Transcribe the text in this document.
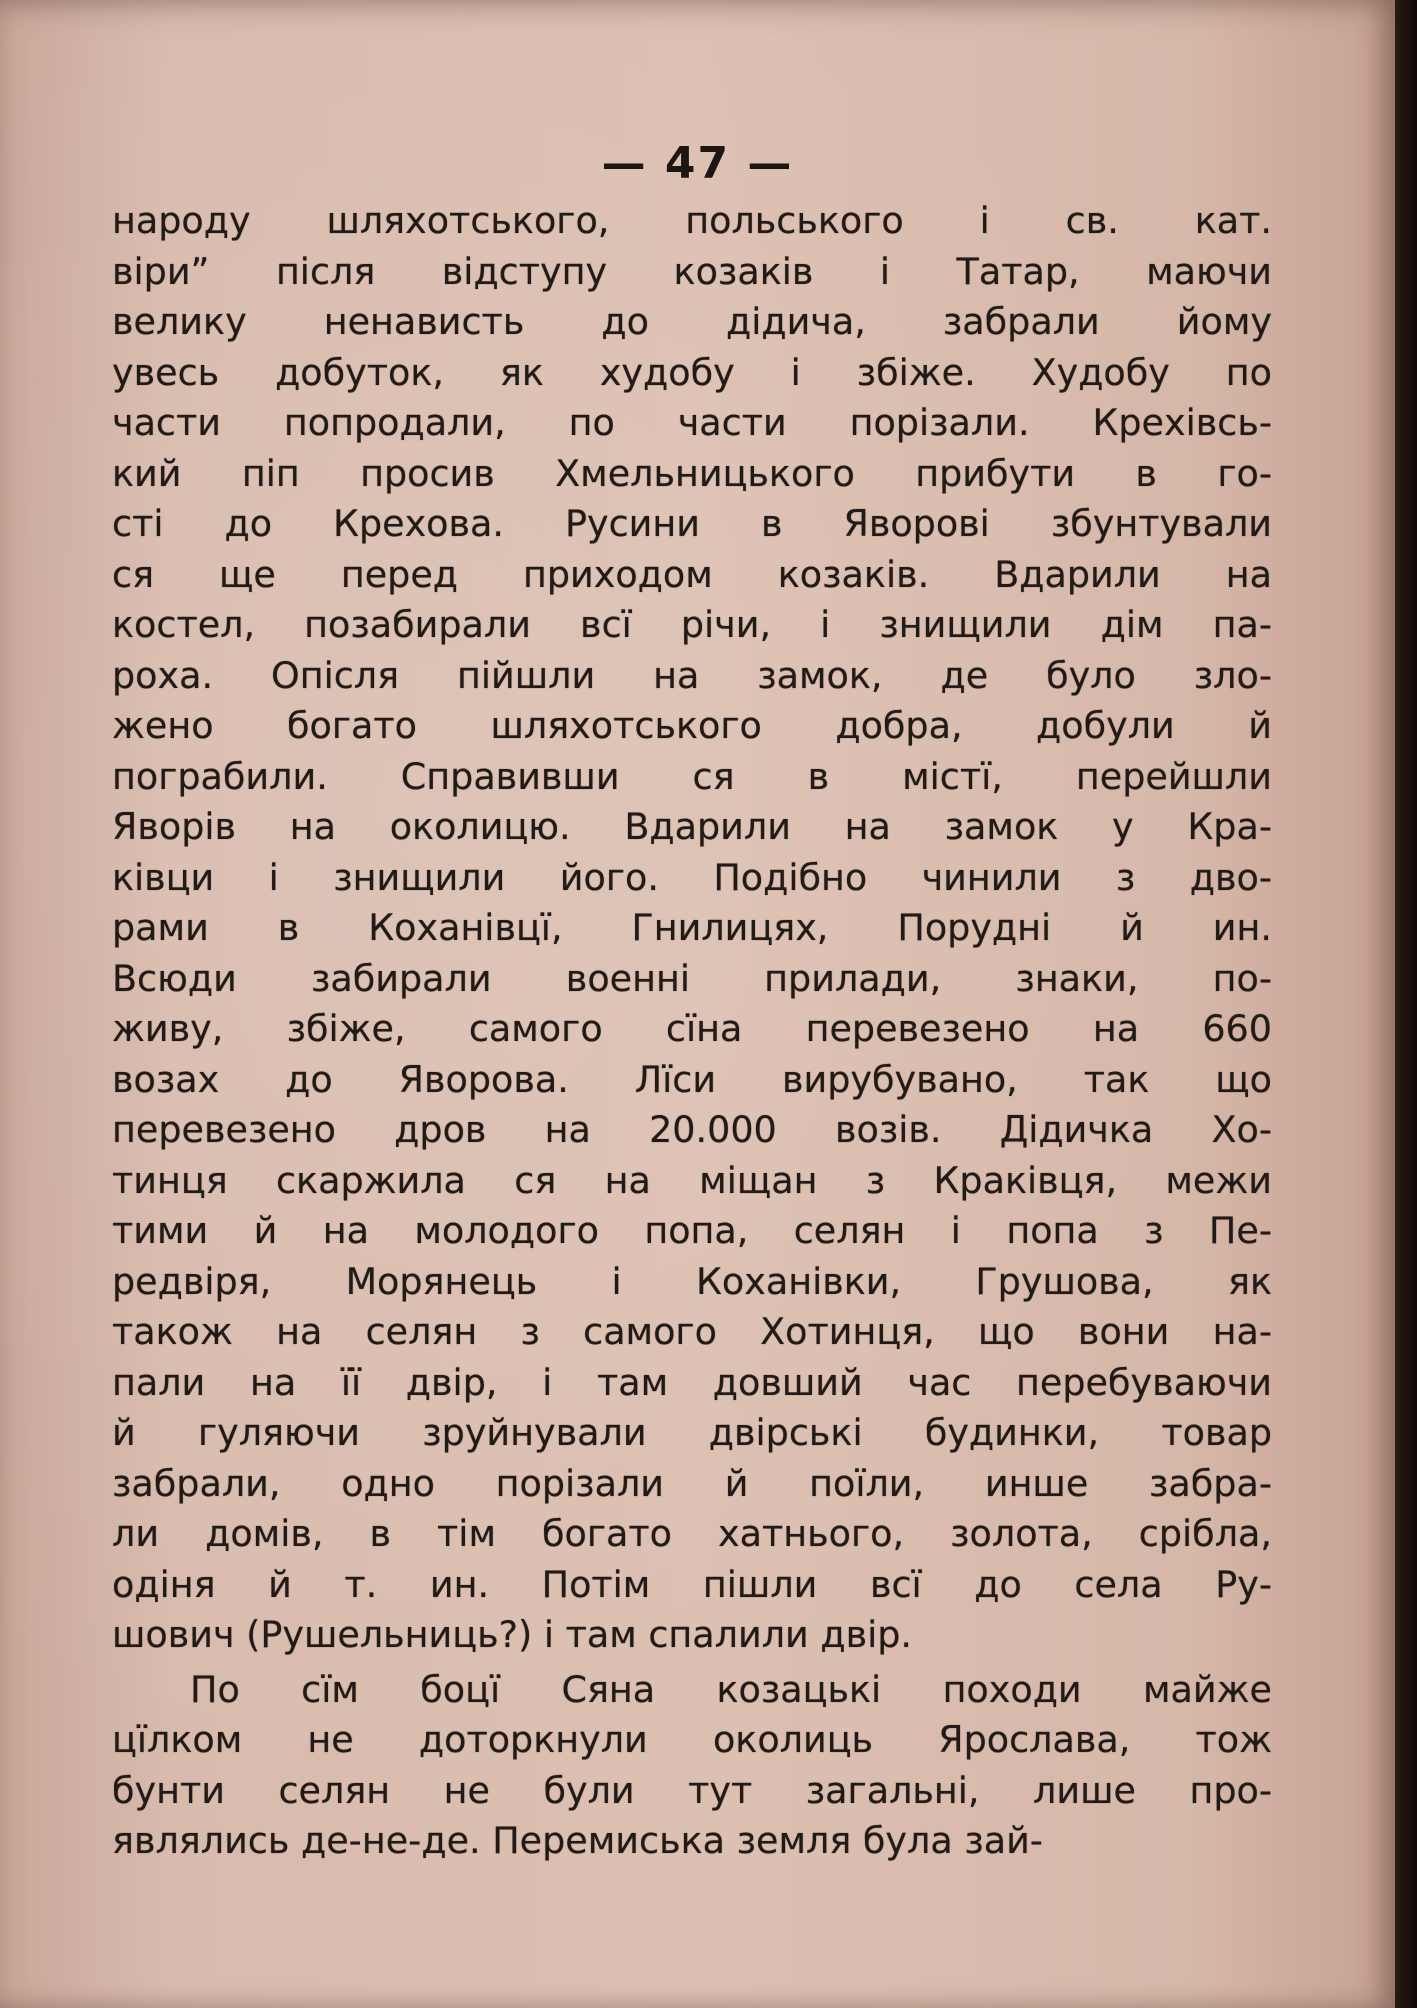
— 47 —
народу шляхотського, польського і св. кат.
віри” після відступу козаків і Татар, маючи
велику ненависть до дідича, забрали йому
увесь добуток, як худобу і збіже. Худобу по
части попродали, по части порізали. Крехівсь-
кий піп просив Хмельницького прибути в го-
сті до Крехова. Русини в Яворові збунтували
ся ще перед приходом козаків. Вдарили на
костел, позабирали всї річи, і знищили дім па-
роха. Опісля пійшли на замок, де було зло-
жено богато шляхотського добра, добули й
пограбили. Справивши ся в містї, перейшли
Яворів на околицю. Вдарили на замок у Кра-
ківци і знищили його. Подібно чинили з дво-
рами в Коханівцї, Гнилицях, Порудні й ин.
Всюди забирали военні прилади, знаки, по-
живу, збіже, самого сїна перевезено на 660
возах до Яворова. Лїси вирубувано, так що
перевезено дров на 20.000 возів. Дідичка Хо-
тинця скаржила ся на міщан з Краківця, межи
тими й на молодого попа, селян і попа з Пе-
редвіря, Морянець і Коханівки, Грушова, як
також на селян з самого Хотинця, що вони на-
пали на її двір, і там довший час перебуваючи
й гуляючи зруйнували двірські будинки, товар
забрали, одно порізали й поїли, инше забра-
ли домів, в тім богато хатнього, золота, срібла,
одіня й т. ин. Потім пішли всї до села Ру-
шович (Рушельниць?) і там спалили двір.
По сїм боцї Сяна козацькі походи майже
цїлком не доторкнули околиць Ярослава, тож
бунти селян не були тут загальні, лише про-
являлись де-не-де. Перемиська земля була зай-
